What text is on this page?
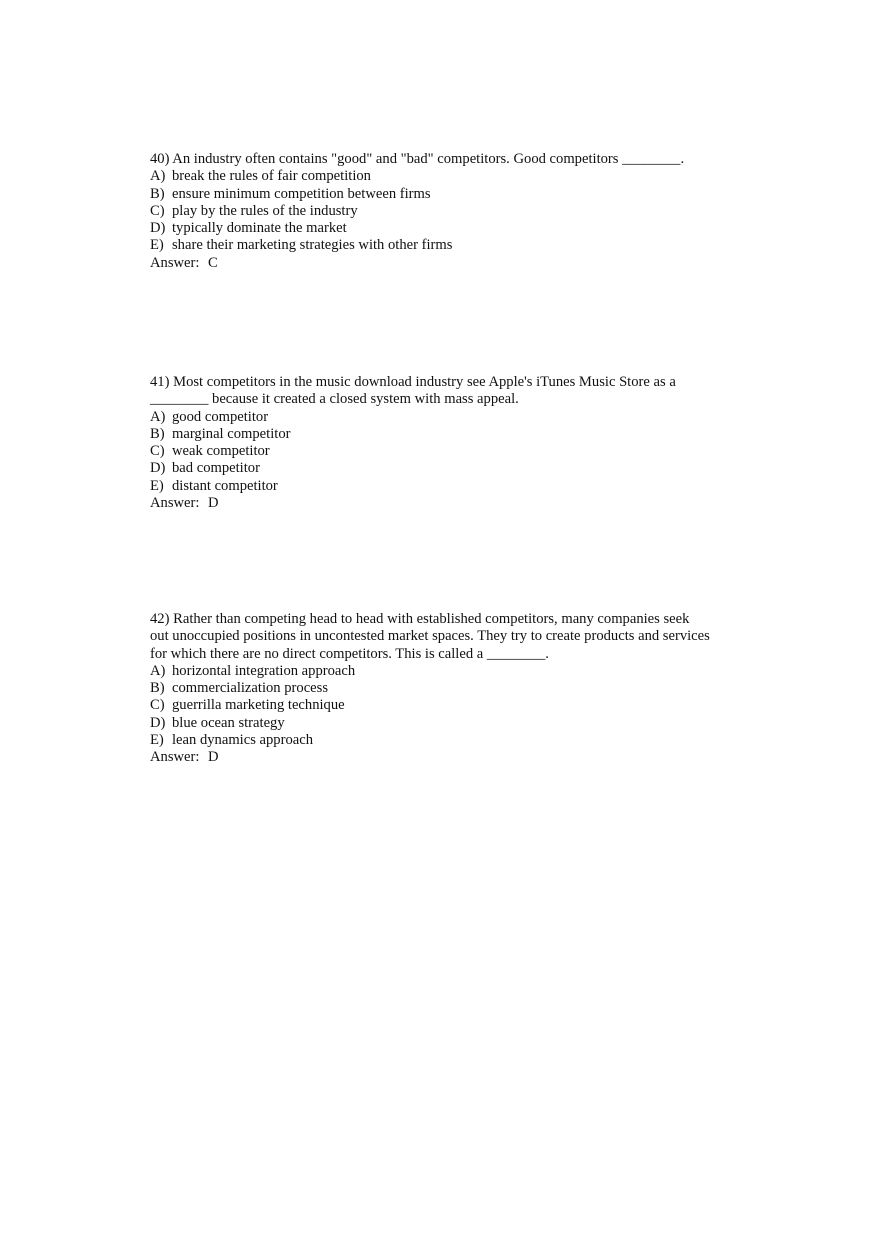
40) An industry often contains "good" and "bad" competitors. Good competitors ________.

A) break the rules of fair competition
B) ensure minimum competition between firms
C) play by the rules of the industry
D) typically dominate the market
E) share their marketing strategies with other firms

Answer: C

41) Most competitors in the music download industry see Apple's iTunes Music Store as a

________ because it created a closed system with mass appeal.

A) good competitor
B) marginal competitor
C) weak competitor
D) bad competitor
E) distant competitor

Answer: D

42) Rather than competing head to head with established competitors, many companies seek

out unoccupied positions in uncontested market spaces. They try to create products and services

for which there are no direct competitors. This is called a ________.

A) horizontal integration approach
B) commercialization process
C) guerrilla marketing technique
D) blue ocean strategy
E) lean dynamics approach

Answer: D
